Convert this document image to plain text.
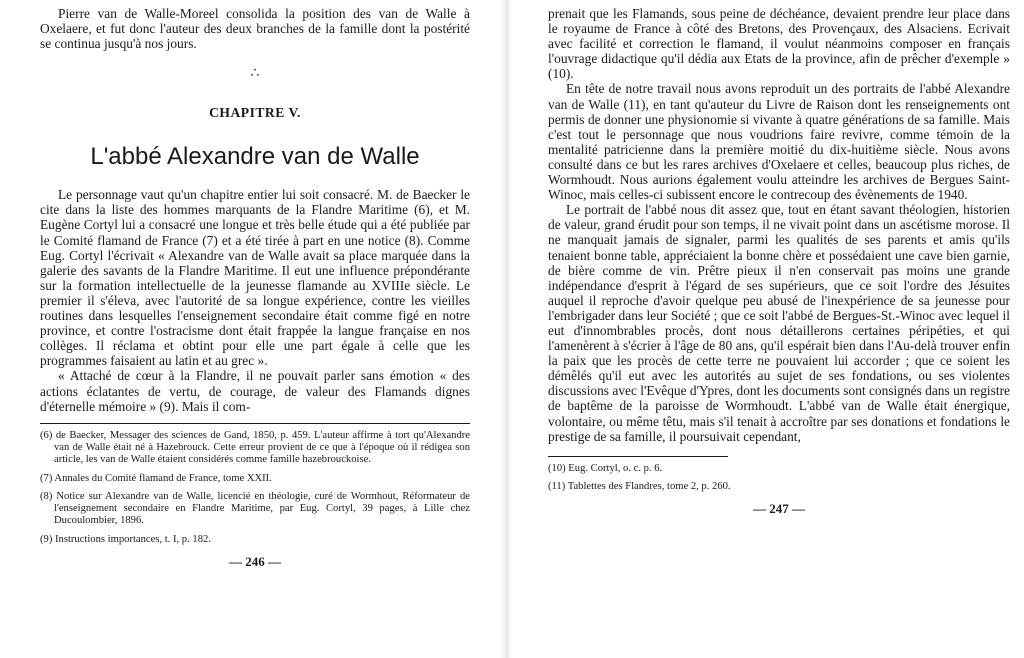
Pierre van de Walle-Moreel consolida la position des van de Walle à Oxelaere, et fut donc l'auteur des deux branches de la famille dont la postérité se continua jusqu'à nos jours.

∴
CHAPITRE V.
L'abbé Alexandre van de Walle

Le personnage vaut qu'un chapitre entier lui soit consacré. M. de Baecker le cite dans la liste des hommes marquants de la Flandre Maritime (6), et M. Eugène Cortyl lui a consacré une longue et très belle étude qui a été publiée par le Comité flamand de France (7) et a été tirée à part en une notice (8). Comme Eug. Cortyl l'écrivait « Alexandre van de Walle avait sa place marquée dans la galerie des savants de la Flandre Maritime. Il eut une influence prépondérante sur la formation intellectuelle de la jeunesse flamande au XVIIIe siècle. Le premier il s'éleva, avec l'autorité de sa longue expérience, contre les vieilles routines dans lesquelles l'enseignement secondaire était comme figé en notre province, et contre l'ostracisme dont était frappée la langue française en nos collèges. Il réclama et obtint pour elle une part égale à celle que les programmes faisaient au latin et au grec ».

« Attaché de cœur à la Flandre, il ne pouvait parler sans émotion « des actions éclatantes de vertu, de courage, de valeur des Flamands dignes d'éternelle mémoire » (9). Mais il com-

(6) de Baecker, Messager des sciences de Gand, 1850, p. 459. L'auteur affirme à tort qu'Alexandre van de Walle était né à Hazebrouck. Cette erreur provient de ce que à l'époque où il rédigea son article, les van de Walle étaient considérés comme famille hazebrouckoise.

(7) Annales du Comité flamand de France, tome XXII.

(8) Notice sur Alexandre van de Walle, licencié en théologie, curé de Wormhout, Réformateur de l'enseignement secondaire en Flandre Maritime, par Eug. Cortyl, 39 pages, à Lille chez Ducoulombier, 1896.

(9) Instructions importances, t. I, p. 182.

— 246 —

prenait que les Flamands, sous peine de déchéance, devaient prendre leur place dans le royaume de France à côté des Bretons, des Provençaux, des Alsaciens. Ecrivait avec facilité et correction le flamand, il voulut néanmoins composer en français l'ouvrage didactique qu'il dédia aux Etats de la province, afin de prêcher d'exemple » (10).

En tête de notre travail nous avons reproduit un des portraits de l'abbé Alexandre van de Walle (11), en tant qu'auteur du Livre de Raison dont les renseignements ont permis de donner une physionomie si vivante à quatre générations de sa famille. Mais c'est tout le personnage que nous voudrions faire revivre, comme témoin de la mentalité patricienne dans la première moitié du dix-huitième siècle. Nous avons consulté dans ce but les rares archives d'Oxelaere et celles, beaucoup plus riches, de Wormhoudt. Nous aurions également voulu atteindre les archives de Bergues Saint-Winoc, mais celles-ci subissent encore le contrecoup des évènements de 1940.

Le portrait de l'abbé nous dit assez que, tout en étant savant théologien, historien de valeur, grand érudit pour son temps, il ne vivait point dans un ascétisme morose. Il ne manquait jamais de signaler, parmi les qualités de ses parents et amis qu'ils tenaient bonne table, appréciaient la bonne chère et possédaient une cave bien garnie, de bière comme de vin. Prêtre pieux il n'en conservait pas moins une grande indépendance d'esprit à l'égard de ses supérieurs, que ce soit l'ordre des Jésuites auquel il reproche d'avoir quelque peu abusé de l'inexpérience de sa jeunesse pour l'embrigader dans leur Société ; que ce soit l'abbé de Bergues-St.-Winoc avec lequel il eut d'innombrables procès, dont nous détaillerons certaines péripéties, et qui l'amenèrent à s'écrier à l'âge de 80 ans, qu'il espérait bien dans l'Au-delà trouver enfin la paix que les procès de cette terre ne pouvaient lui accorder ; que ce soient les démêlés qu'il eut avec les autorités au sujet de ses fondations, ou ses violentes discussions avec l'Evêque d'Ypres, dont les documents sont consignés dans un registre de baptême de la paroisse de Wormhoudt. L'abbé van de Walle était énergique, volontaire, ou même têtu, mais s'il tenait à accroître par ses donations et fondations le prestige de sa famille, il poursuivait cependant,

(10) Eug. Cortyl, o. c. p. 6.

(11) Tablettes des Flandres, tome 2, p. 260.

— 247 —
